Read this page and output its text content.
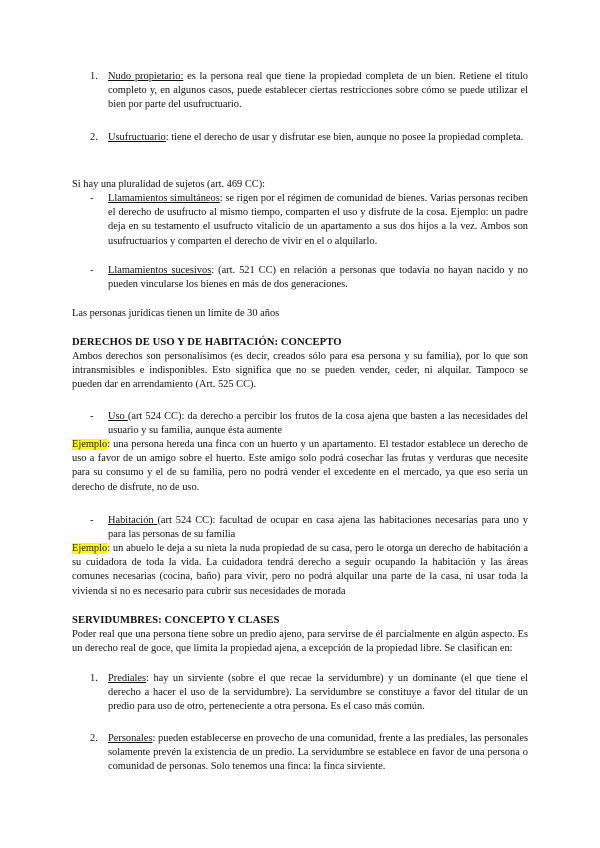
1. Nudo propietario: es la persona real que tiene la propiedad completa de un bien. Retiene el título completo y, en algunos casos, puede establecer ciertas restricciones sobre cómo se puede utilizar el bien por parte del usufructuario.
2. Usufructuario: tiene el derecho de usar y disfrutar ese bien, aunque no posee la propiedad completa.
Si hay una pluralidad de sujetos (art. 469 CC):
- Llamamientos simultáneos: se rigen por el régimen de comunidad de bienes. Varias personas reciben el derecho de usufructo al mismo tiempo, comparten el uso y disfrute de la cosa. Ejemplo: un padre deja en su testamento el usufructo vitalicio de un apartamento a sus dos hijos a la vez. Ambos son usufructuarios y comparten el derecho de vivir en el o alquilarlo.
- Llamamientos sucesivos: (art. 521 CC) en relación a personas que todavía no hayan nacido y no pueden vincularse los bienes en más de dos generaciones.
Las personas jurídicas tienen un límite de 30 años
DERECHOS DE USO Y DE HABITACIÓN: CONCEPTO
Ambos derechos son personalísimos (es decir, creados sólo para esa persona y su familia), por lo que son intransmisibles e indisponibles. Esto significa que no se pueden vender, ceder, ni alquilar. Tampoco se pueden dar en arrendamiento (Art. 525 CC).
- Uso (art 524 CC): da derecho a percibir los frutos de la cosa ajena que basten a las necesidades del usuario y su familia, aunque ésta aumente
Ejemplo: una persona hereda una finca con un huerto y un apartamento. El testador establece un derecho de uso a favor de un amigo sobre el huerto. Este amigo solo podrá cosechar las frutas y verduras que necesite para su consumo y el de su familia, pero no podrá vender el excedente en el mercado, ya que eso sería un derecho de disfrute, no de uso.
- Habitación (art 524 CC): facultad de ocupar en casa ajena las habitaciones necesarias para uno y para las personas de su familia
Ejemplo: un abuelo le deja a su nieta la nuda propiedad de su casa, pero le otorga un derecho de habitación a su cuidadora de toda la vida. La cuidadora tendrá derecho a seguir ocupando la habitación y las áreas comunes necesarias (cocina, baño) para vivir, pero no podrá alquilar una parte de la casa, ni usar toda la vivienda si no es necesario para cubrir sus necesidades de morada
SERVIDUMBRES: CONCEPTO Y CLASES
Poder real que una persona tiene sobre un predio ajeno, para servirse de él parcialmente en algún aspecto. Es un derecho real de goce, que limita la propiedad ajena, a excepción de la propiedad libre. Se clasifican en:
1. Prediales: hay un sirviente (sobre el que recae la servidumbre) y un dominante (el que tiene el derecho a hacer el uso de la servidumbre). La servidumbre se constituye a favor del titular de un predio para uso de otro, perteneciente a otra persona. Es el caso más común.
2. Personales: pueden establecerse en provecho de una comunidad, frente a las prediales, las personales solamente prevén la existencia de un predio. La servidumbre se establece en favor de una persona o comunidad de personas. Solo tenemos una finca: la finca sirviente.
